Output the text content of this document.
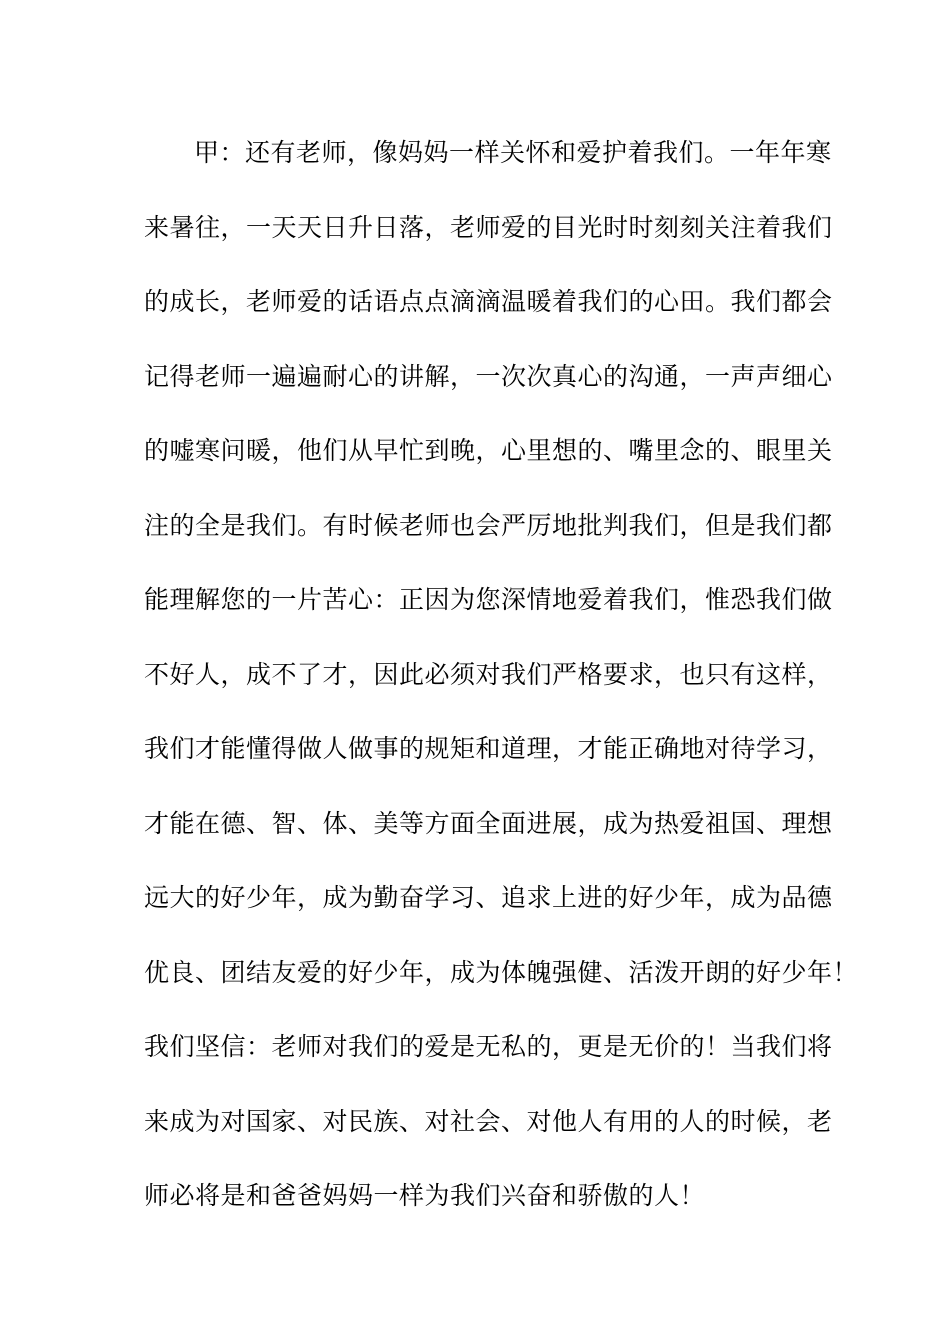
甲：还有老师，像妈妈一样关怀和爱护着我们。一年年寒
来暑往，一天天日升日落，老师爱的目光时时刻刻关注着我们
的成长，老师爱的话语点点滴滴温暖着我们的心田。我们都会
记得老师一遍遍耐心的讲解，一次次真心的沟通，一声声细心
的嘘寒问暖，他们从早忙到晚，心里想的、嘴里念的、眼里关
注的全是我们。有时候老师也会严厉地批判我们，但是我们都
能理解您的一片苦心：正因为您深情地爱着我们，惟恐我们做
不好人，成不了才，因此必须对我们严格要求，也只有这样，
我们才能懂得做人做事的规矩和道理，才能正确地对待学习，
才能在德、智、体、美等方面全面进展，成为热爱祖国、理想
远大的好少年，成为勤奋学习、追求上进的好少年，成为品德
优良、团结友爱的好少年，成为体魄强健、活泼开朗的好少年！
我们坚信：老师对我们的爱是无私的，更是无价的！当我们将
来成为对国家、对民族、对社会、对他人有用的人的时候，老
师必将是和爸爸妈妈一样为我们兴奋和骄傲的人！
